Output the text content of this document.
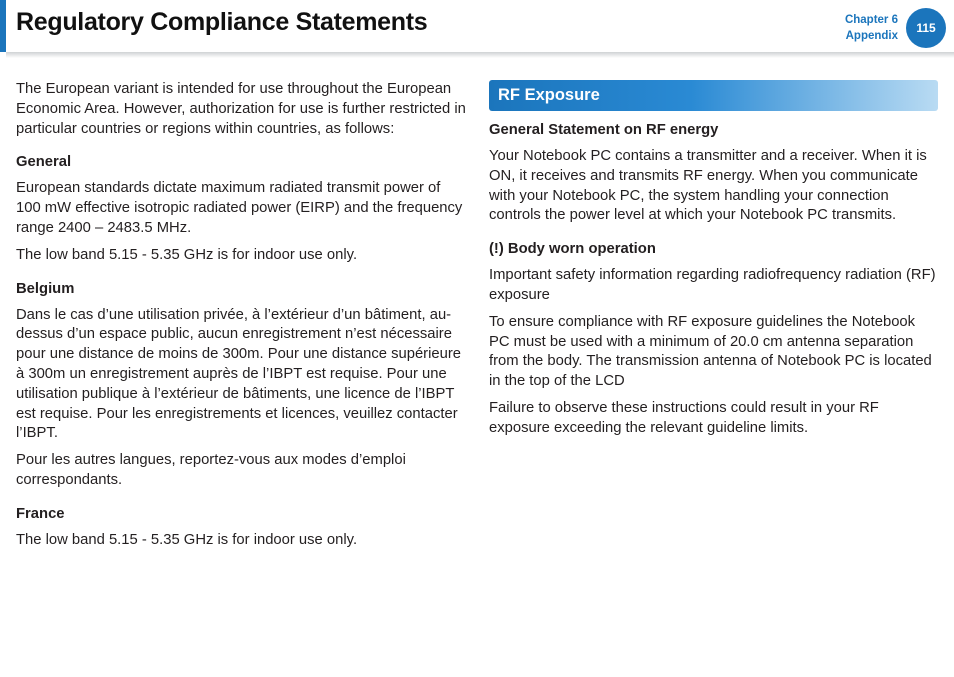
Regulatory Compliance Statements	Chapter 6
Appendix
115

The European variant is intended for use throughout the European Economic Area. However, authorization for use is further restricted in particular countries or regions within countries, as follows:

General

European standards dictate maximum radiated transmit power of 100 mW effective isotropic radiated power (EIRP) and the frequency range 2400 – 2483.5 MHz.

The low band 5.15 - 5.35 GHz is for indoor use only.

Belgium

Dans le cas d’une utilisation privée, à l’extérieur d’un bâtiment, au-dessus d’un espace public, aucun enregistrement n’est nécessaire pour une distance de moins de 300m. Pour une distance supérieure à 300m un enregistrement auprès de l’IBPT est requise. Pour une utilisation publique à l’extérieur de bâtiments, une licence de l’IBPT est requise. Pour les enregistrements et licences, veuillez contacter l’IBPT.

Pour les autres langues, reportez-vous aux modes d’emploi correspondants.

France

The low band 5.15 - 5.35 GHz is for indoor use only.

RF Exposure
General Statement on RF energy

Your Notebook PC contains a transmitter and a receiver. When it is ON, it receives and transmits RF energy. When you communicate with your Notebook PC, the system handling your connection controls the power level at which your Notebook PC transmits.

(!) Body worn operation

Important safety information regarding radiofrequency radiation (RF) exposure

To ensure compliance with RF exposure guidelines the Notebook PC must be used with a minimum of 20.0 cm antenna separation from the body. The transmission antenna of Notebook PC is located in the top of the LCD

Failure to observe these instructions could result in your RF exposure exceeding the relevant guideline limits.
